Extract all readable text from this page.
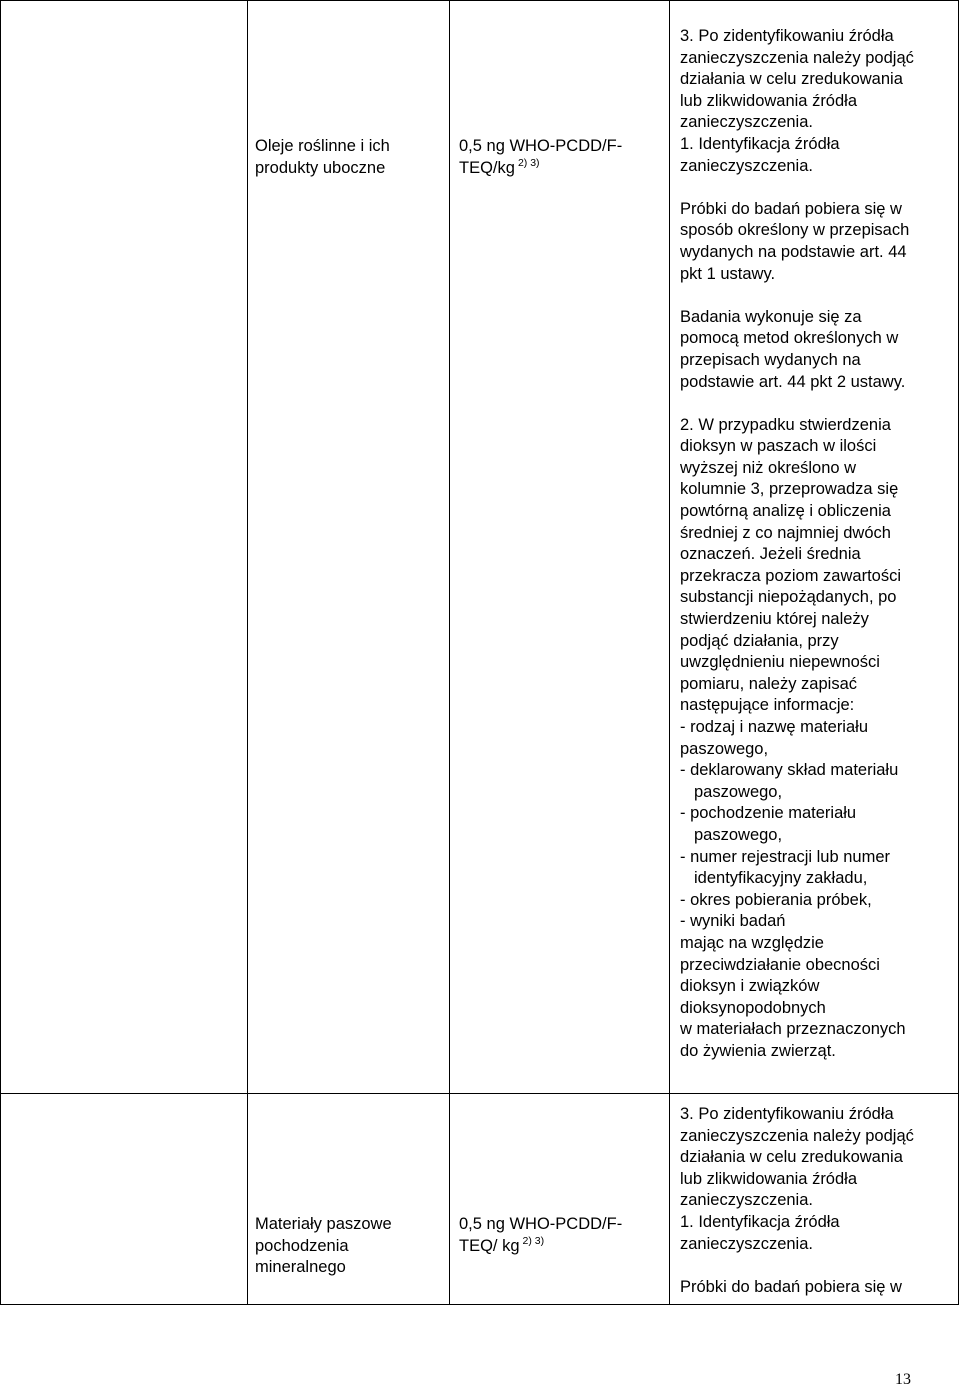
Oleje roślinne i ich
produkty uboczne
0,5 ng WHO-PCDD/F-
TEQ/kg $^{2) 3)}$
3. Po zidentyfikowaniu źródła
zanieczyszczenia należy podjąć
działania w celu zredukowania
lub zlikwidowania źródła
zanieczyszczenia.
1. Identyfikacja źródła
zanieczyszczenia.
Próbki do badań pobiera się w
sposób określony w przepisach
wydanych na podstawie art. 44
pkt 1 ustawy.
Badania wykonuje się za
pomocą metod określonych w
przepisach wydanych na
podstawie art. 44 pkt 2 ustawy.
2. W przypadku stwierdzenia
dioksyn w paszach w ilości
wyższej niż określono w
kolumnie 3, przeprowadza się
powtórną analizę i obliczenia
średniej z co najmniej dwóch
oznaczeń. Jeżeli średnia
przekracza poziom zawartości
substancji niepożądanych, po
stwierdzeniu której należy
podjąć działania, przy
uwzględnieniu niepewności
pomiaru, należy zapisać
następujące informacje:
- rodzaj i nazwę materiału
paszowego,
- deklarowany skład materiału
paszowego,
- pochodzenie materiału
paszowego,
- numer rejestracji lub numer
identyfikacyjny zakładu,
- okres pobierania próbek,
- wyniki badań
mając na względzie
przeciwdziałanie obecności
dioksyn i związków
dioksynopodobnych
w materiałach przeznaczonych
do żywienia zwierząt.
Materiały paszowe
pochodzenia
mineralnego
0,5 ng WHO-PCDD/F-
TEQ/ kg $^{2) 3)}$
3. Po zidentyfikowaniu źródła
zanieczyszczenia należy podjąć
działania w celu zredukowania
lub zlikwidowania źródła
zanieczyszczenia.
1. Identyfikacja źródła
zanieczyszczenia.
Próbki do badań pobiera się w
13
